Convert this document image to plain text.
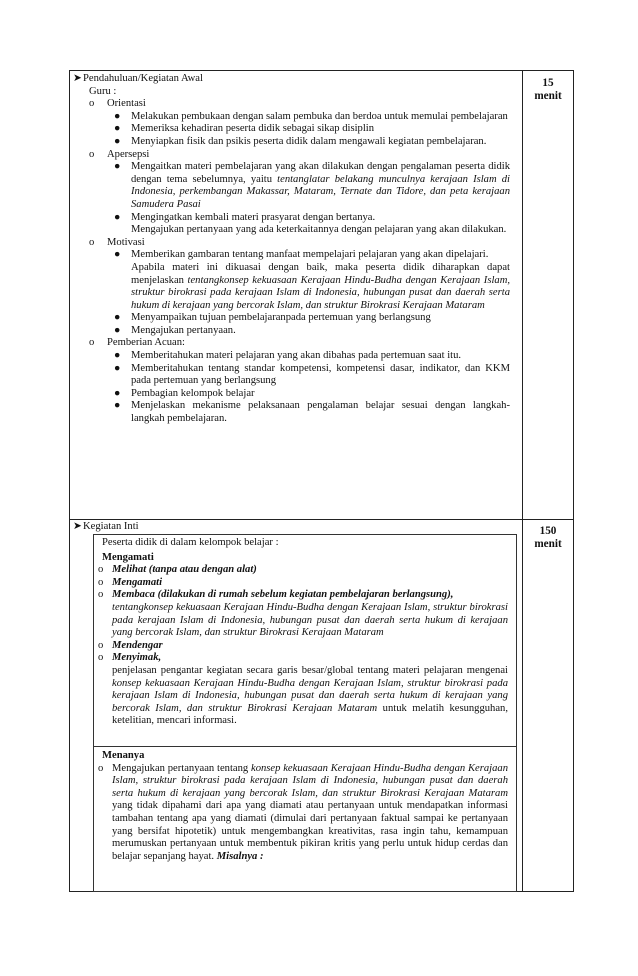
15
menit
150
menit

➤ Pendahuluan/Kegiatan Awal

Guru :

o Orientasi

● Melakukan pembukaan dengan salam pembuka dan berdoa untuk memulai pembelajaran

● Memeriksa kehadiran peserta didik sebagai sikap disiplin

● Menyiapkan fisik dan psikis peserta didik dalam mengawali kegiatan pembelajaran.

o Apersepsi

● Mengaitkan materi pembelajaran yang akan dilakukan dengan pengalaman peserta didik dengan tema sebelumnya, yaitu tentanglatar belakang munculnya kerajaan Islam di Indonesia, perkembangan Makassar, Mataram, Ternate dan Tidore, dan peta kerajaan Samudera Pasai

● Mengingatkan kembali materi prasyarat dengan bertanya.

Mengajukan pertanyaan yang ada keterkaitannya dengan pelajaran yang akan dilakukan.

o Motivasi

● Memberikan gambaran tentang manfaat mempelajari pelajaran yang akan dipelajari.

Apabila materi ini dikuasai dengan baik, maka peserta didik diharapkan dapat menjelaskan tentangkonsep kekuasaan Kerajaan Hindu-Budha dengan Kerajaan Islam, struktur birokrasi pada kerajaan Islam di Indonesia, hubungan pusat dan daerah serta hukum di kerajaan yang bercorak Islam, dan struktur Birokrasi Kerajaan Mataram

● Menyampaikan tujuan pembelajaranpada pertemuan yang berlangsung

● Mengajukan pertanyaan.

o Pemberian Acuan:

● Memberitahukan materi pelajaran yang akan dibahas pada pertemuan saat itu.

● Memberitahukan tentang standar kompetensi, kompetensi dasar, indikator, dan KKM pada pertemuan yang berlangsung

● Pembagian kelompok belajar

● Menjelaskan mekanisme pelaksanaan pengalaman belajar sesuai dengan langkah-langkah pembelajaran.

➤ Kegiatan Inti

Peserta didik di dalam kelompok belajar :

Mengamati

o Melihat (tanpa atau dengan alat)

o Mengamati

o Membaca (dilakukan di rumah sebelum kegiatan pembelajaran berlangsung),

tentangkonsep kekuasaan Kerajaan Hindu-Budha dengan Kerajaan Islam, struktur birokrasi pada kerajaan Islam di Indonesia, hubungan pusat dan daerah serta hukum di kerajaan yang bercorak Islam, dan struktur Birokrasi Kerajaan Mataram

o Mendengar

o Menyimak,

penjelasan pengantar kegiatan secara garis besar/global tentang materi pelajaran mengenai konsep kekuasaan Kerajaan Hindu-Budha dengan Kerajaan Islam, struktur birokrasi pada kerajaan Islam di Indonesia, hubungan pusat dan daerah serta hukum di kerajaan yang bercorak Islam, dan struktur Birokrasi Kerajaan Mataram untuk melatih kesungguhan, ketelitian, mencari informasi.

Menanya

o Mengajukan pertanyaan tentang konsep kekuasaan Kerajaan Hindu-Budha dengan Kerajaan Islam, struktur birokrasi pada kerajaan Islam di Indonesia, hubungan pusat dan daerah serta hukum di kerajaan yang bercorak Islam, dan struktur Birokrasi Kerajaan Mataram yang tidak dipahami dari apa yang diamati atau pertanyaan untuk mendapatkan informasi tambahan tentang apa yang diamati (dimulai dari pertanyaan faktual sampai ke pertanyaan yang bersifat hipotetik) untuk mengembangkan kreativitas, rasa ingin tahu, kemampuan merumuskan pertanyaan untuk membentuk pikiran kritis yang perlu untuk hidup cerdas dan belajar sepanjang hayat. Misalnya :
